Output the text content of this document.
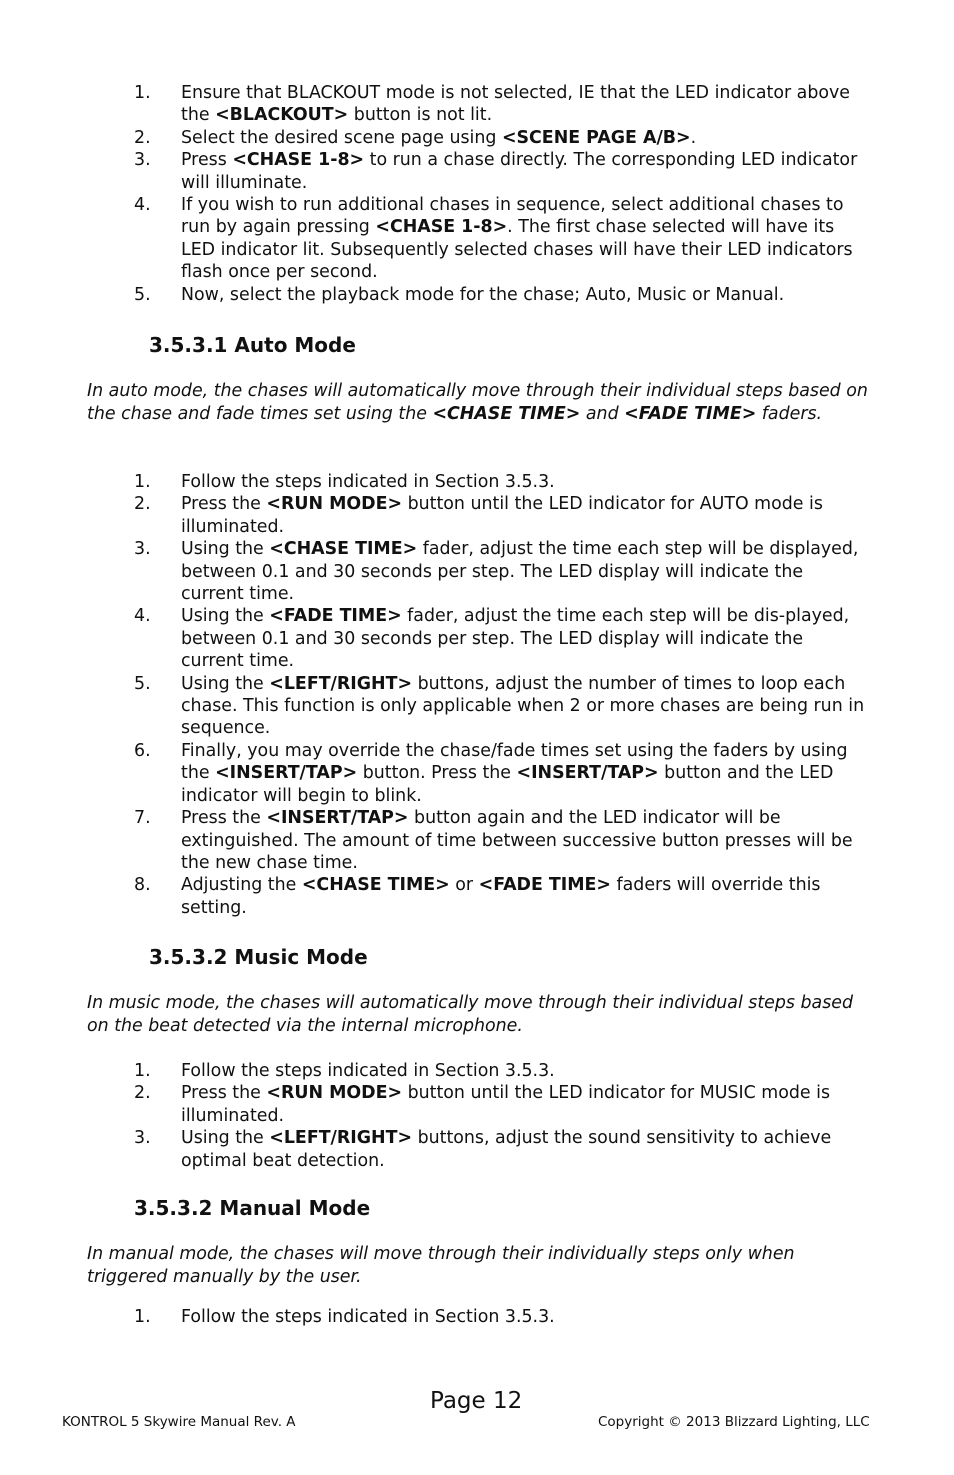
1. Ensure that BLACKOUT mode is not selected, IE that the LED indicator above the <BLACKOUT> button is not lit.
2. Select the desired scene page using <SCENE PAGE A/B>.
3. Press <CHASE 1-8> to run a chase directly. The corresponding LED indicator will illuminate.
4. If you wish to run additional chases in sequence, select additional chases to run by again pressing <CHASE 1-8>. The first chase selected will have its LED indicator lit. Subsequently selected chases will have their LED indicators flash once per second.
5. Now, select the playback mode for the chase; Auto, Music or Manual.
3.5.3.1 Auto Mode
In auto mode, the chases will automatically move through their individual steps based on the chase and fade times set using the <CHASE TIME> and <FADE TIME> faders.
1. Follow the steps indicated in Section 3.5.3.
2. Press the <RUN MODE> button until the LED indicator for AUTO mode is illuminated.
3. Using the <CHASE TIME> fader, adjust the time each step will be displayed, between 0.1 and 30 seconds per step. The LED display will indicate the current time.
4. Using the <FADE TIME> fader, adjust the time each step will be dis-played, between 0.1 and 30 seconds per step. The LED display will indicate the current time.
5. Using the <LEFT/RIGHT> buttons, adjust the number of times to loop each chase. This function is only applicable when 2 or more chases are being run in sequence.
6. Finally, you may override the chase/fade times set using the faders by using the <INSERT/TAP> button. Press the <INSERT/TAP> button and the LED indicator will begin to blink.
7. Press the <INSERT/TAP> button again and the LED indicator will be extinguished. The amount of time between successive button presses will be the new chase time.
8. Adjusting the <CHASE TIME> or <FADE TIME> faders will override this setting.
3.5.3.2 Music Mode
In music mode, the chases will automatically move through their individual steps based on the beat detected via the internal microphone.
1. Follow the steps indicated in Section 3.5.3.
2. Press the <RUN MODE> button until the LED indicator for MUSIC mode is illuminated.
3. Using the <LEFT/RIGHT> buttons, adjust the sound sensitivity to achieve optimal beat detection.
3.5.3.2 Manual Mode
In manual mode, the chases will move through their individually steps only when triggered manually by the user.
1. Follow the steps indicated in Section 3.5.3.
Page 12
KONTROL 5 Skywire Manual Rev. A	Copyright © 2013 Blizzard Lighting, LLC
